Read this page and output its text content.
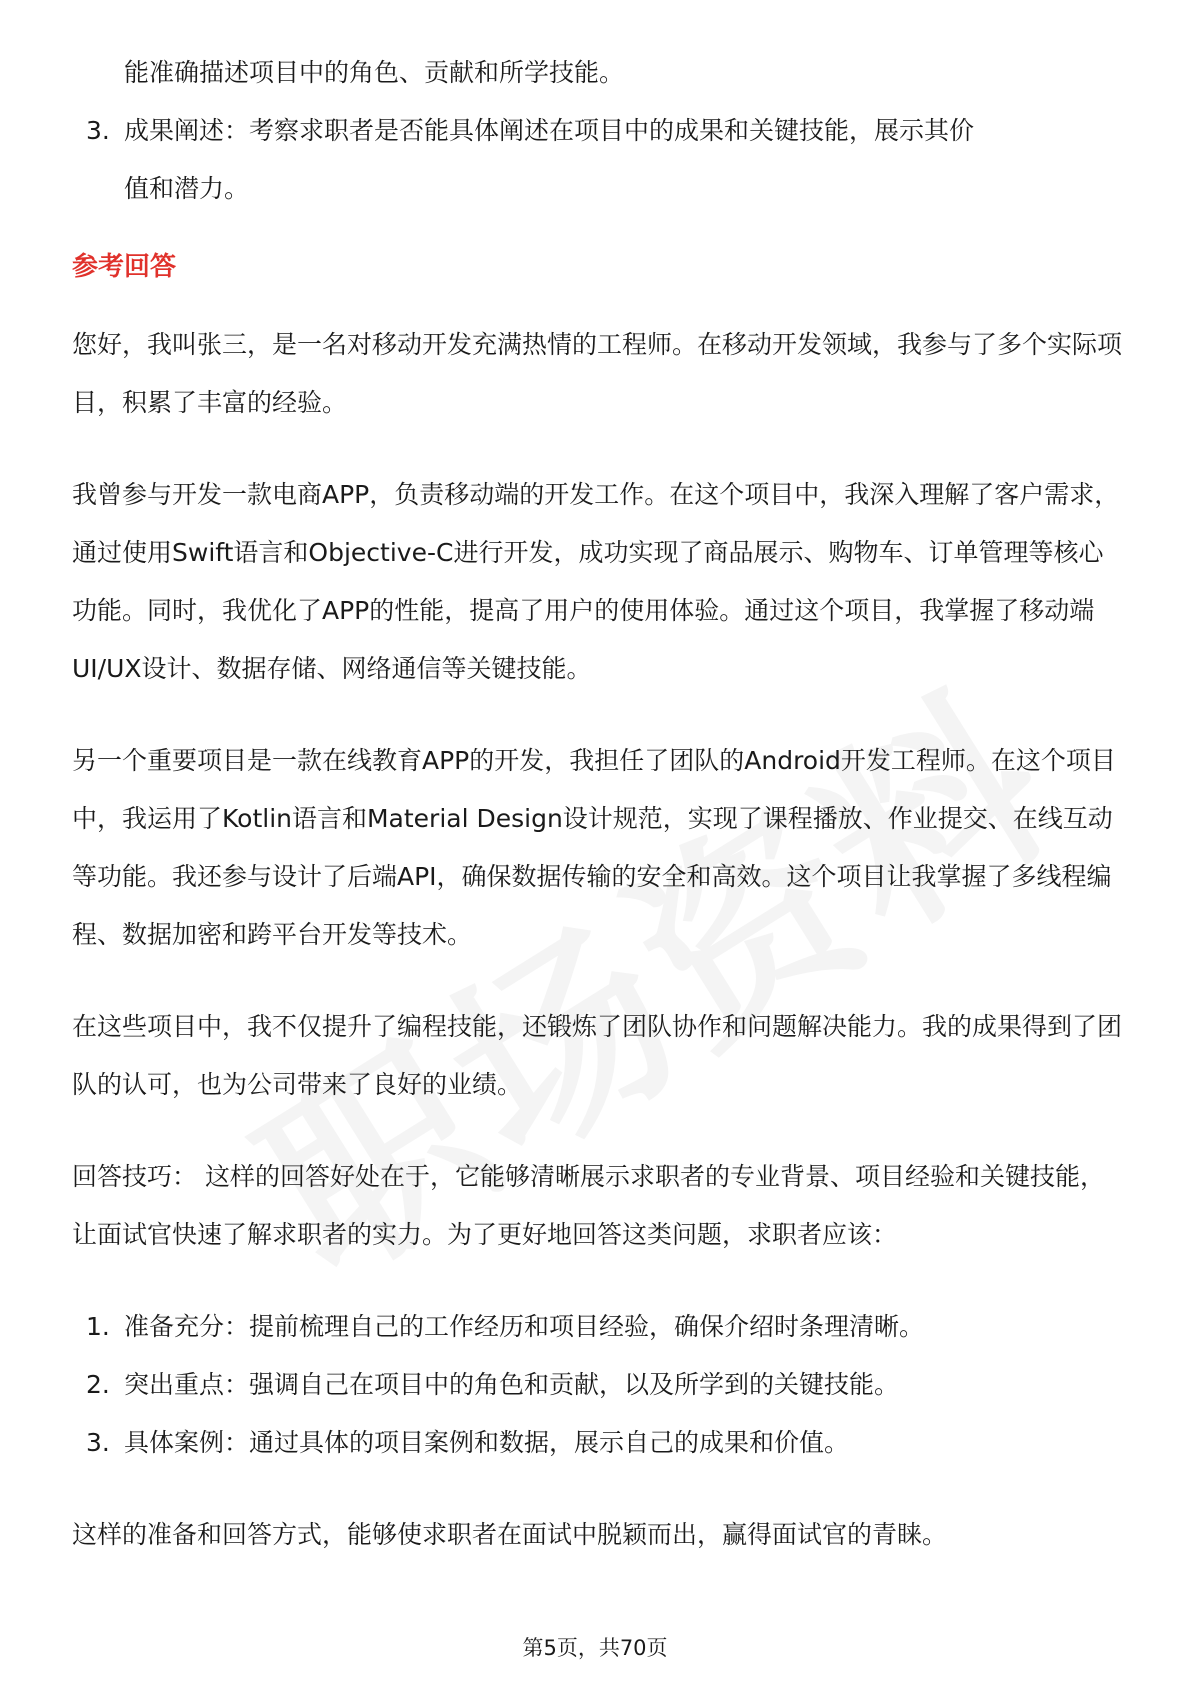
能准确描述项目中的角色、贡献和所学技能。

3. 成果阐述：考察求职者是否能具体阐述在项目中的成果和关键技能，展示其价
值和潜力。

参考回答

您好，我叫张三，是一名对移动开发充满热情的工程师。在移动开发领域，我参与了多个实际项目，积累了丰富的经验。

我曾参与开发一款电商APP，负责移动端的开发工作。在这个项目中，我深入理解了客户需求，通过使用Swift语言和Objective-C进行开发，成功实现了商品展示、购物车、订单管理等核心功能。同时，我优化了APP的性能，提高了用户的使用体验。通过这个项目，我掌握了移动端UI/UX设计、数据存储、网络通信等关键技能。

另一个重要项目是一款在线教育APP的开发，我担任了团队的Android开发工程师。在这个项目中，我运用了Kotlin语言和Material Design设计规范，实现了课程播放、作业提交、在线互动等功能。我还参与设计了后端API，确保数据传输的安全和高效。这个项目让我掌握了多线程编程、数据加密和跨平台开发等技术。

在这些项目中，我不仅提升了编程技能，还锻炼了团队协作和问题解决能力。我的成果得到了团队的认可，也为公司带来了良好的业绩。

回答技巧： 这样的回答好处在于，它能够清晰展示求职者的专业背景、项目经验和关键技能，让面试官快速了解求职者的实力。为了更好地回答这类问题，求职者应该：

1. 准备充分：提前梳理自己的工作经历和项目经验，确保介绍时条理清晰。
2. 突出重点：强调自己在项目中的角色和贡献，以及所学到的关键技能。
3. 具体案例：通过具体的项目案例和数据，展示自己的成果和价值。

这样的准备和回答方式，能够使求职者在面试中脱颖而出，赢得面试官的青睐。

第5页，共70页
